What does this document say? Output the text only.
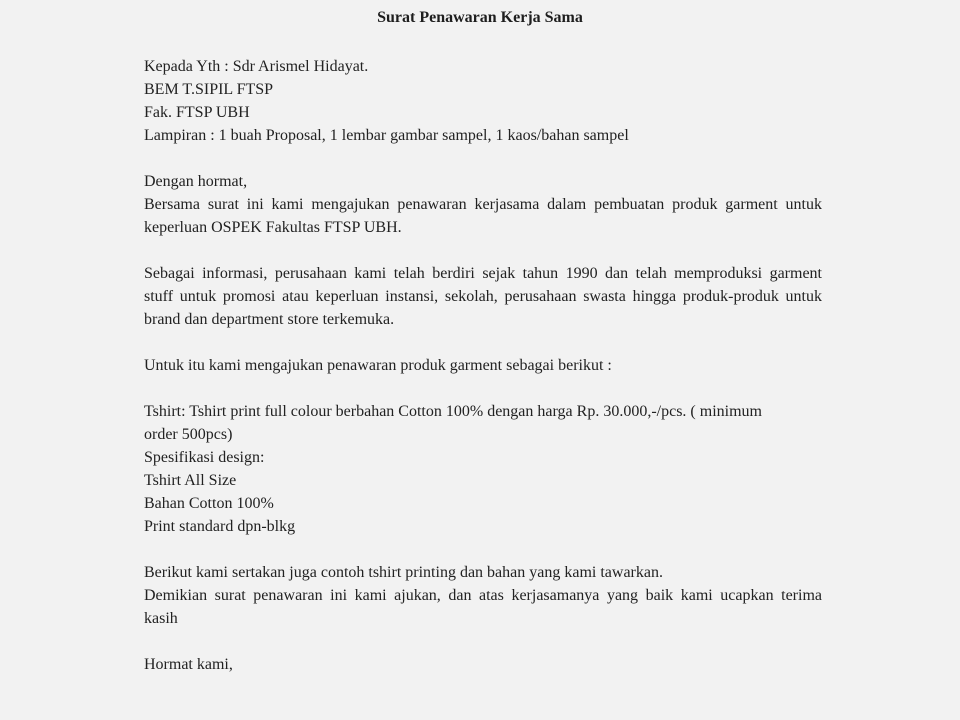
Surat Penawaran Kerja Sama
Kepada Yth : Sdr Arismel Hidayat.
BEM T.SIPIL FTSP
Fak. FTSP UBH
Lampiran : 1 buah Proposal, 1 lembar gambar sampel, 1 kaos/bahan sampel
Dengan hormat,
Bersama surat ini kami mengajukan penawaran kerjasama dalam pembuatan produk garment untuk
keperluan OSPEK Fakultas FTSP UBH.
Sebagai informasi, perusahaan kami telah berdiri sejak tahun 1990 dan telah memproduksi garment
stuff untuk promosi atau keperluan instansi, sekolah, perusahaan swasta hingga produk-produk untuk
brand dan department store terkemuka.
Untuk itu kami mengajukan penawaran produk garment sebagai berikut :
Tshirt: Tshirt print full colour berbahan Cotton 100% dengan harga Rp. 30.000,-/pcs. ( minimum
order 500pcs)
Spesifikasi design:
Tshirt All Size
Bahan Cotton 100%
Print standard dpn-blkg
Berikut kami sertakan juga contoh tshirt printing dan bahan yang kami tawarkan.
Demikian surat penawaran ini kami ajukan, dan atas kerjasamanya yang baik kami ucapkan terima
kasih
Hormat kami,
